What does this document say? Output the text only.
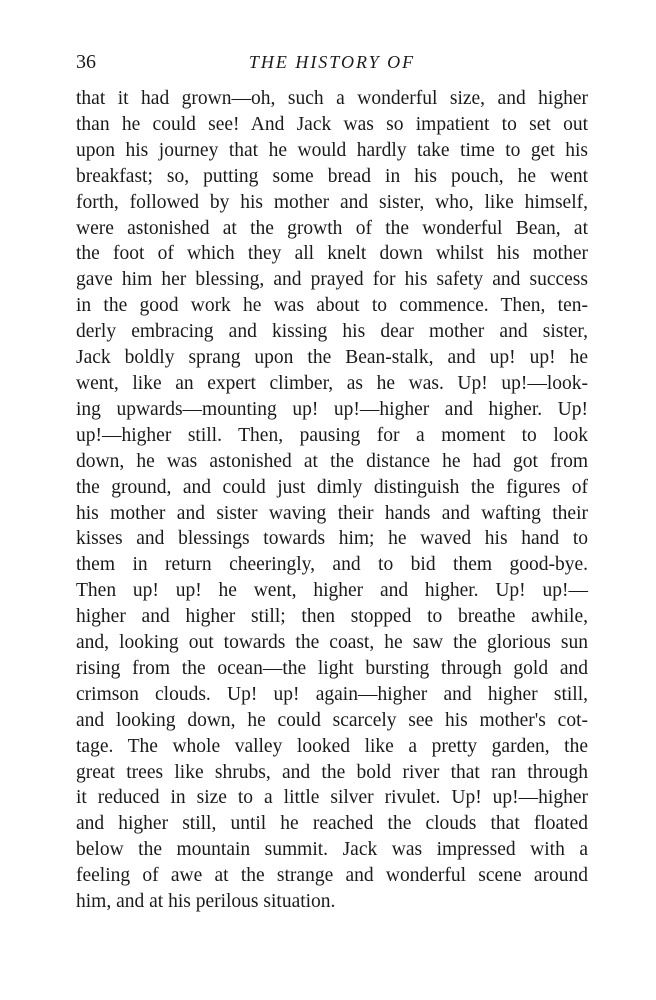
36	THE HISTORY OF
that it had grown—oh, such a wonderful size, and higher
than he could see! And Jack was so impatient to set out
upon his journey that he would hardly take time to get his
breakfast; so, putting some bread in his pouch, he went
forth, followed by his mother and sister, who, like himself,
were astonished at the growth of the wonderful Bean, at
the foot of which they all knelt down whilst his mother
gave him her blessing, and prayed for his safety and success
in the good work he was about to commence. Then, ten-
derly embracing and kissing his dear mother and sister,
Jack boldly sprang upon the Bean-stalk, and up! up! he
went, like an expert climber, as he was. Up! up!—look-
ing upwards—mounting up! up!—higher and higher. Up!
up!—higher still. Then, pausing for a moment to look
down, he was astonished at the distance he had got from
the ground, and could just dimly distinguish the figures of
his mother and sister waving their hands and wafting their
kisses and blessings towards him; he waved his hand to
them in return cheeringly, and to bid them good-bye.
Then up! up! he went, higher and higher. Up! up!—
higher and higher still; then stopped to breathe awhile,
and, looking out towards the coast, he saw the glorious sun
rising from the ocean—the light bursting through gold and
crimson clouds. Up! up! again—higher and higher still,
and looking down, he could scarcely see his mother's cot-
tage. The whole valley looked like a pretty garden, the
great trees like shrubs, and the bold river that ran through
it reduced in size to a little silver rivulet. Up! up!—higher
and higher still, until he reached the clouds that floated
below the mountain summit. Jack was impressed with a
feeling of awe at the strange and wonderful scene around
him, and at his perilous situation.
